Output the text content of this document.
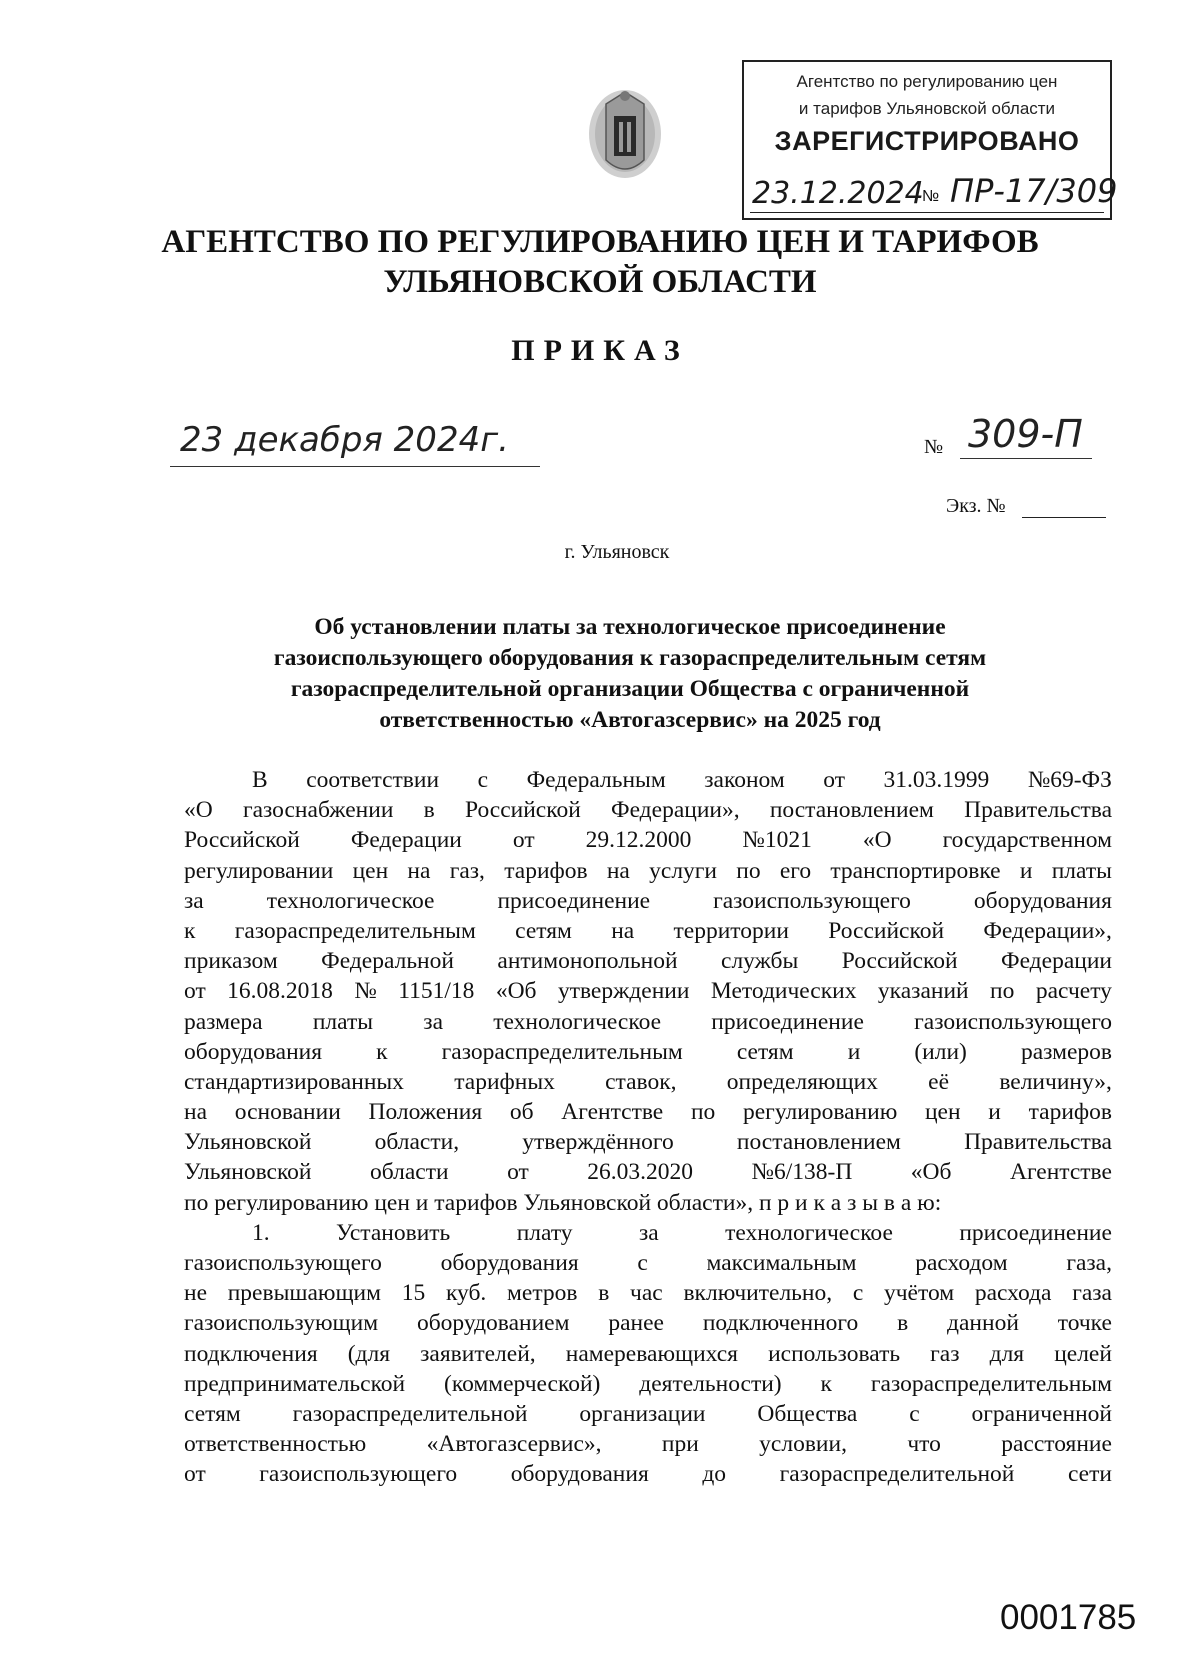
Агентство по регулированию цен
и тарифов Ульяновской области
ЗАРЕГИСТРИРОВАНО
23.12.2024
№ ПР-17/309
АГЕНТСТВО ПО РЕГУЛИРОВАНИЮ ЦЕН И ТАРИФОВ
УЛЬЯНОВСКОЙ ОБЛАСТИ
ПРИКАЗ
23 декабря 2024г.	№ 309-П
Экз. №
г. Ульяновск
Об установлении платы за технологическое присоединение
газоиспользующего оборудования к газораспределительным сетям
газораспределительной организации Общества с ограниченной
ответственностью «Автогазсервис» на 2025 год
В соответствии с Федеральным законом от 31.03.1999 №69-ФЗ
«О газоснабжении в Российской Федерации», постановлением Правительства
Российской Федерации от 29.12.2000 №1021 «О государственном
регулировании цен на газ, тарифов на услуги по его транспортировке и платы
за	технологическое	присоединение	газоиспользующего	оборудования
к газораспределительным сетям на территории Российской Федерации»,
приказом Федеральной антимонопольной службы Российской Федерации
от 16.08.2018 № 1151/18 «Об утверждении Методических указаний по расчету
размера платы за технологическое присоединение газоиспользующего
оборудования к газораспределительным сетям и (или) размеров
стандартизированных тарифных ставок, определяющих её величину»,
на основании Положения об Агентстве по регулированию цен и тарифов
Ульяновской	области,	утверждённого	постановлением	Правительства
Ульяновской области от 26.03.2020 №6/138-П «Об Агентстве
по регулированию цен и тарифов Ульяновской области», п р и к а з ы в а ю:
1.	Установить	плату	за	технологическое	присоединение
газоиспользующего оборудования с максимальным расходом газа,
не превышающим 15 куб. метров в час включительно, с учётом расхода газа
газоиспользующим оборудованием ранее подключенного в данной точке
подключения (для заявителей, намеревающихся использовать газ для целей
предпринимательской (коммерческой) деятельности) к газораспределительным
сетям газораспределительной организации Общества с ограниченной
ответственностью	«Автогазсервис»,	при	условии,	что	расстояние
от газоиспользующего оборудования до газораспределительной сети
0001785
